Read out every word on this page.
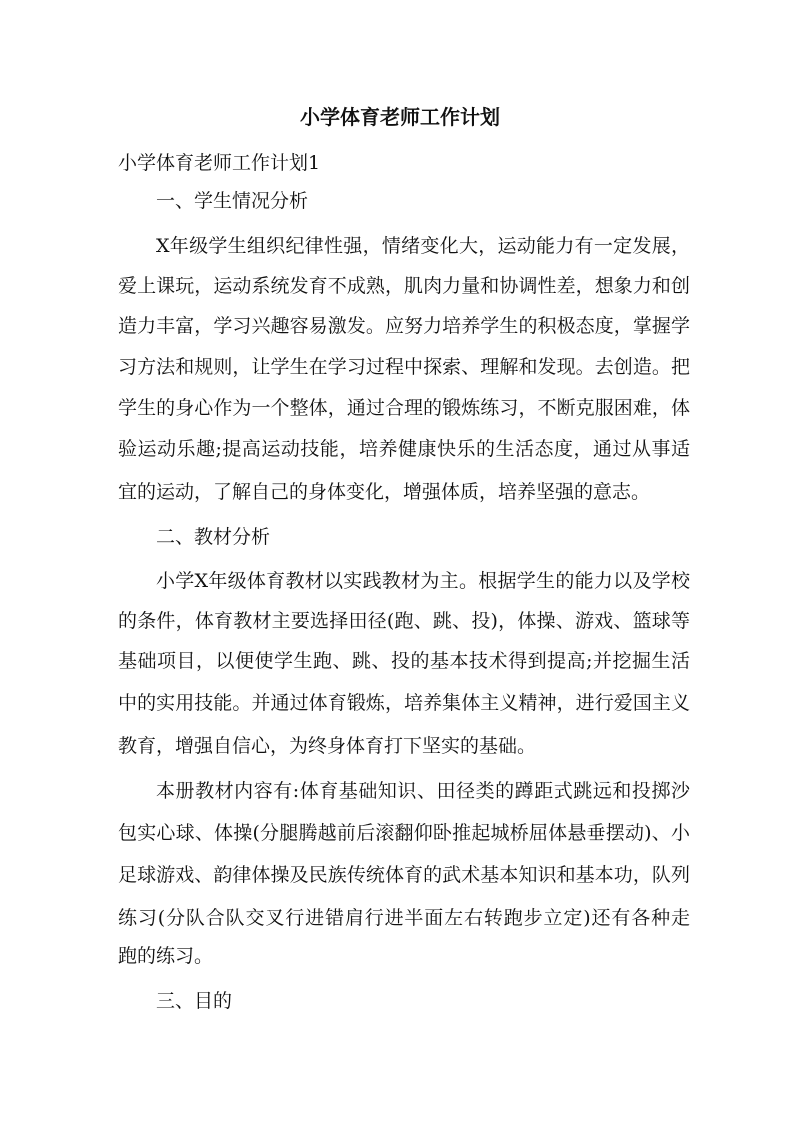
小学体育老师工作计划
小学体育老师工作计划1
一、学生情况分析
X年级学生组织纪律性强，情绪变化大，运动能力有一定发展，
爱上课玩，运动系统发育不成熟，肌肉力量和协调性差，想象力和创
造力丰富，学习兴趣容易激发。应努力培养学生的积极态度，掌握学
习方法和规则，让学生在学习过程中探索、理解和发现。去创造。把
学生的身心作为一个整体，通过合理的锻炼练习，不断克服困难，体
验运动乐趣;提高运动技能，培养健康快乐的生活态度，通过从事适
宜的运动，了解自己的身体变化，增强体质，培养坚强的意志。
二、教材分析
小学X年级体育教材以实践教材为主。根据学生的能力以及学校
的条件，体育教材主要选择田径(跑、跳、投)，体操、游戏、篮球等
基础项目，以便使学生跑、跳、投的基本技术得到提高;并挖掘生活
中的实用技能。并通过体育锻炼，培养集体主义精神，进行爱国主义
教育，增强自信心，为终身体育打下坚实的基础。
本册教材内容有:体育基础知识、田径类的蹲距式跳远和投掷沙
包实心球、体操(分腿腾越前后滚翻仰卧推起城桥屈体悬垂摆动)、小
足球游戏、韵律体操及民族传统体育的武术基本知识和基本功，队列
练习(分队合队交叉行进错肩行进半面左右转跑步立定)还有各种走
跑的练习。
三、目的
